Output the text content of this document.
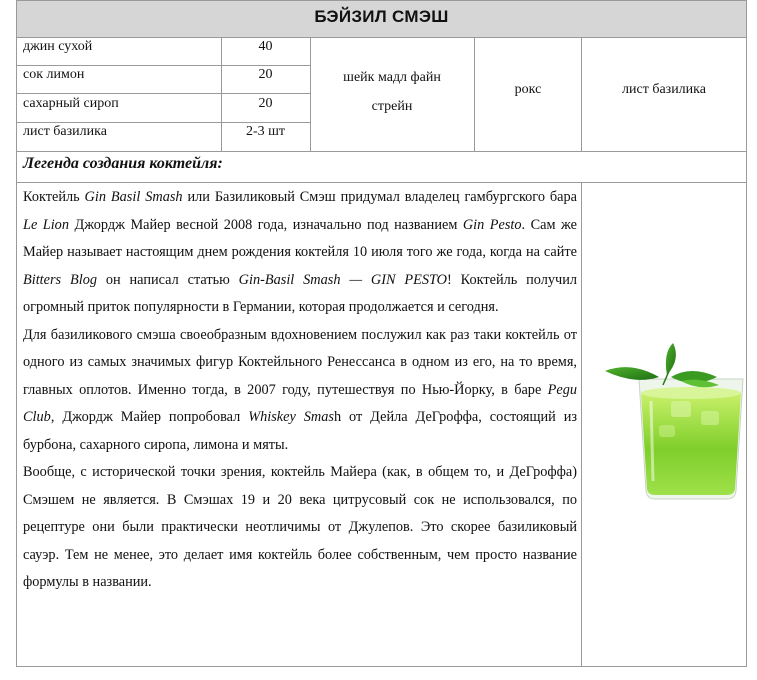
БЭЙЗИЛ СМЭШ
джин сухой	40
сок лимон	20
сахарный сироп	20
лист базилика	2-3 шт
шейк мадл файн стрейн
рокс	лист базилика
Легенда создания коктейля:

Коктейль Gin Basil Smash или Базиликовый Смэш придумал владелец гамбургского бара Le Lion Джордж Майер весной 2008 года, изначально под названием Gin Pesto. Сам же Майер называет настоящим днем рождения коктейля 10 июля того же года, когда на сайте Bitters Blog он написал статью Gin-Basil Smash — GIN PESTO! Коктейль получил огромный приток популярности в Германии, которая продолжается и сегодня.

Для базиликового смэша своеобразным вдохновением послужил как раз таки коктейль от одного из самых значимых фигур Коктейльного Ренессанса в одном из его, на то время, главных оплотов. Именно тогда, в 2007 году, путешествуя по Нью-Йорку, в баре Pegu Club, Джордж Майер попробовал Whiskey Smash от Дейла ДеГроффа, состоящий из бурбона, сахарного сиропа, лимона и мяты.

Вообще, с исторической точки зрения, коктейль Майера (как, в общем то, и ДеГроффа) Смэшем не является. В Смэшах 19 и 20 века цитрусовый сок не использовался, по рецептуре они были практически неотличимы от Джулепов. Это скорее базиликовый сауэр. Тем не менее, это делает имя коктейль более собственным, чем просто название формулы в названии.
